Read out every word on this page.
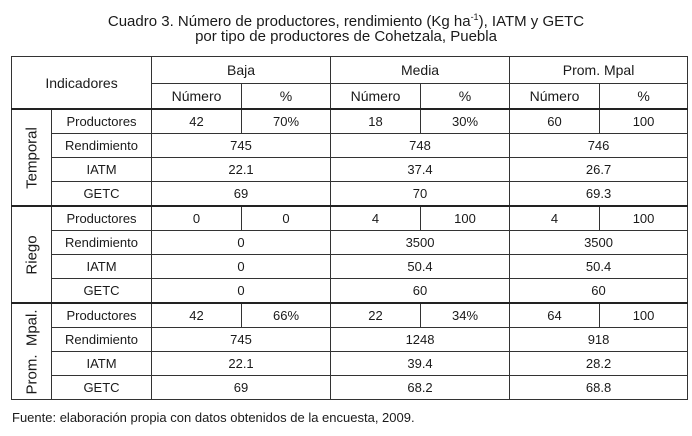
Cuadro 3. Número de productores, rendimiento (Kg $ha^{-1}$), IATM y GETC
por tipo de productores de Cohetzala, Puebla
Indicadores		Baja		Media		Prom. Mpal	
		Número	%	Número	%	Número	%

Temporal	Productores	42	70%	18	30%	60	100
	Rendimiento	745		748		746	
	IATM	22.1		37.4		26.7	
	GETC	69		70		69.3	

Riego	Productores	0	0	4	100	4	100
	Rendimiento	0		3500		3500	
	IATM	0		50.4		50.4	
	GETC	0		60		60	

Prom.  Mpal.	Productores	42	66%	22	34%	64	100
	Rendimiento	745		1248		918	
	IATM	22.1		39.4		28.2	
	GETC	69		68.2		68.8	
Fuente: elaboración propia con datos obtenidos de la encuesta, 2009.
